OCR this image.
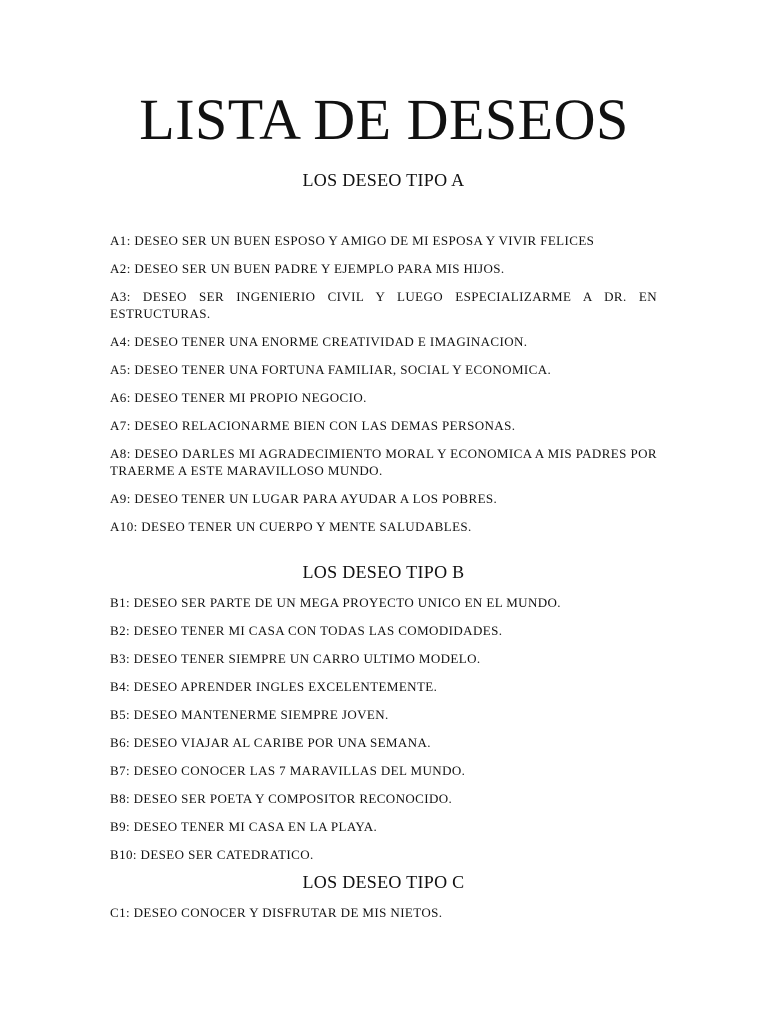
LISTA DE DESEOS
LOS DESEO TIPO A

A1: DESEO SER UN BUEN ESPOSO Y AMIGO DE MI ESPOSA Y VIVIR FELICES

A2: DESEO SER UN BUEN PADRE Y EJEMPLO PARA MIS HIJOS.

A3: DESEO SER INGENIERIO CIVIL Y LUEGO ESPECIALIZARME A DR. EN ESTRUCTURAS.

A4: DESEO TENER UNA ENORME CREATIVIDAD E IMAGINACION.

A5: DESEO TENER UNA FORTUNA FAMILIAR, SOCIAL Y ECONOMICA.

A6: DESEO TENER MI PROPIO NEGOCIO.

A7: DESEO RELACIONARME BIEN CON LAS DEMAS PERSONAS.

A8: DESEO DARLES MI AGRADECIMIENTO MORAL Y ECONOMICA A MIS PADRES POR TRAERME A ESTE MARAVILLOSO MUNDO.

A9: DESEO TENER UN LUGAR PARA AYUDAR A LOS POBRES.

A10: DESEO TENER UN CUERPO Y MENTE SALUDABLES.

LOS DESEO TIPO B

B1: DESEO SER PARTE DE UN MEGA PROYECTO UNICO EN EL MUNDO.

B2: DESEO TENER MI CASA CON TODAS LAS COMODIDADES.

B3: DESEO TENER SIEMPRE UN CARRO ULTIMO MODELO.

B4: DESEO APRENDER INGLES EXCELENTEMENTE.

B5: DESEO MANTENERME SIEMPRE JOVEN.

B6: DESEO VIAJAR AL CARIBE POR UNA SEMANA.

B7: DESEO CONOCER LAS 7 MARAVILLAS DEL MUNDO.

B8: DESEO SER POETA Y COMPOSITOR RECONOCIDO.

B9: DESEO TENER MI CASA EN LA PLAYA.

B10: DESEO SER CATEDRATICO.

LOS DESEO TIPO C

C1: DESEO CONOCER Y DISFRUTAR DE MIS NIETOS.
